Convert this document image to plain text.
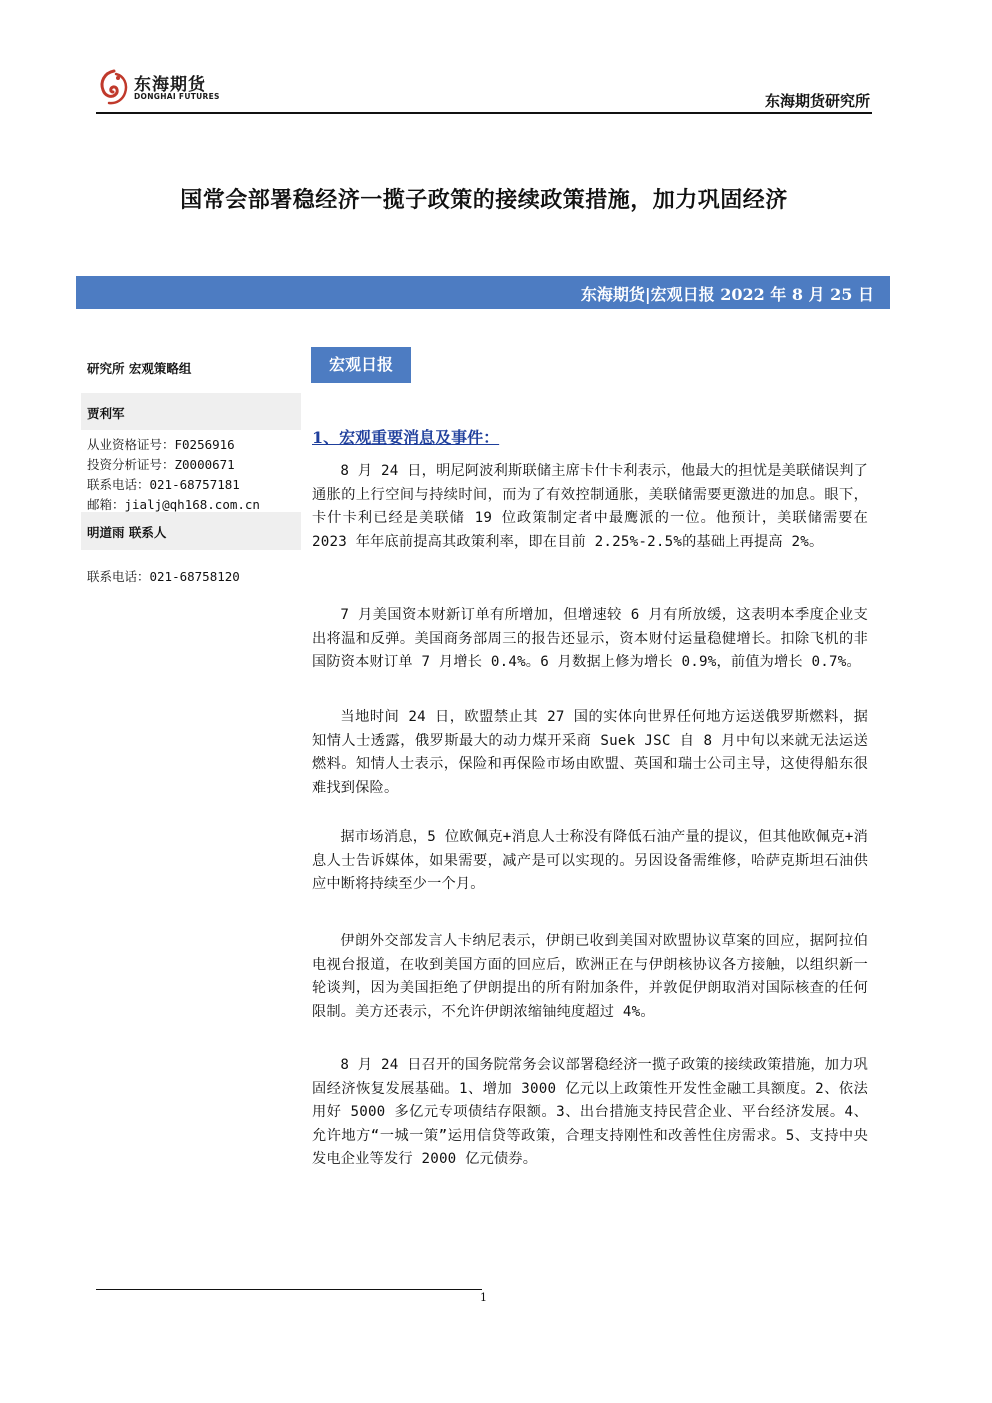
东海期货
DONGHAI FUTURES	东海期货研究所
国常会部署稳经济一揽子政策的接续政策措施，加力巩固经济
东海期货|宏观日报 2022 年 8 月 25 日
研究所 宏观策略组
贾利军
从业资格证号：F0256916
投资分析证号：Z0000671
联系电话：021-68757181
邮箱：jialj@qh168.com.cn
明道雨 联系人
联系电话：021-68758120
宏观日报
1、宏观重要消息及事件：

8 月 24 日，明尼阿波利斯联储主席卡什卡利表示，他最大的担忧是美联储误判了通胀的上行空间与持续时间，而为了有效控制通胀，美联储需要更激进的加息。眼下，卡什卡利已经是美联储 19 位政策制定者中最鹰派的一位。他预计，美联储需要在 2023 年年底前提高其政策利率，即在目前 2.25%-2.5%的基础上再提高 2%。

7 月美国资本财新订单有所增加，但增速较 6 月有所放缓，这表明本季度企业支出将温和反弹。美国商务部周三的报告还显示，资本财付运量稳健增长。扣除飞机的非国防资本财订单 7 月增长 0.4%。6 月数据上修为增长 0.9%，前值为增长 0.7%。

当地时间 24 日，欧盟禁止其 27 国的实体向世界任何地方运送俄罗斯燃料，据知情人士透露，俄罗斯最大的动力煤开采商 Suek JSC 自 8 月中旬以来就无法运送燃料。知情人士表示，保险和再保险市场由欧盟、英国和瑞士公司主导，这使得船东很难找到保险。

据市场消息，5 位欧佩克+消息人士称没有降低石油产量的提议，但其他欧佩克+消息人士告诉媒体，如果需要，减产是可以实现的。另因设备需维修，哈萨克斯坦石油供应中断将持续至少一个月。

伊朗外交部发言人卡纳尼表示，伊朗已收到美国对欧盟协议草案的回应，据阿拉伯电视台报道，在收到美国方面的回应后，欧洲正在与伊朗核协议各方接触，以组织新一轮谈判，因为美国拒绝了伊朗提出的所有附加条件，并敦促伊朗取消对国际核查的任何限制。美方还表示，不允许伊朗浓缩铀纯度超过 4%。

8 月 24 日召开的国务院常务会议部署稳经济一揽子政策的接续政策措施，加力巩固经济恢复发展基础。1、增加 3000 亿元以上政策性开发性金融工具额度。2、依法用好 5000 多亿元专项债结存限额。3、出台措施支持民营企业、平台经济发展。4、允许地方“一城一策”运用信贷等政策，合理支持刚性和改善性住房需求。5、支持中央发电企业等发行 2000 亿元债券。

1
